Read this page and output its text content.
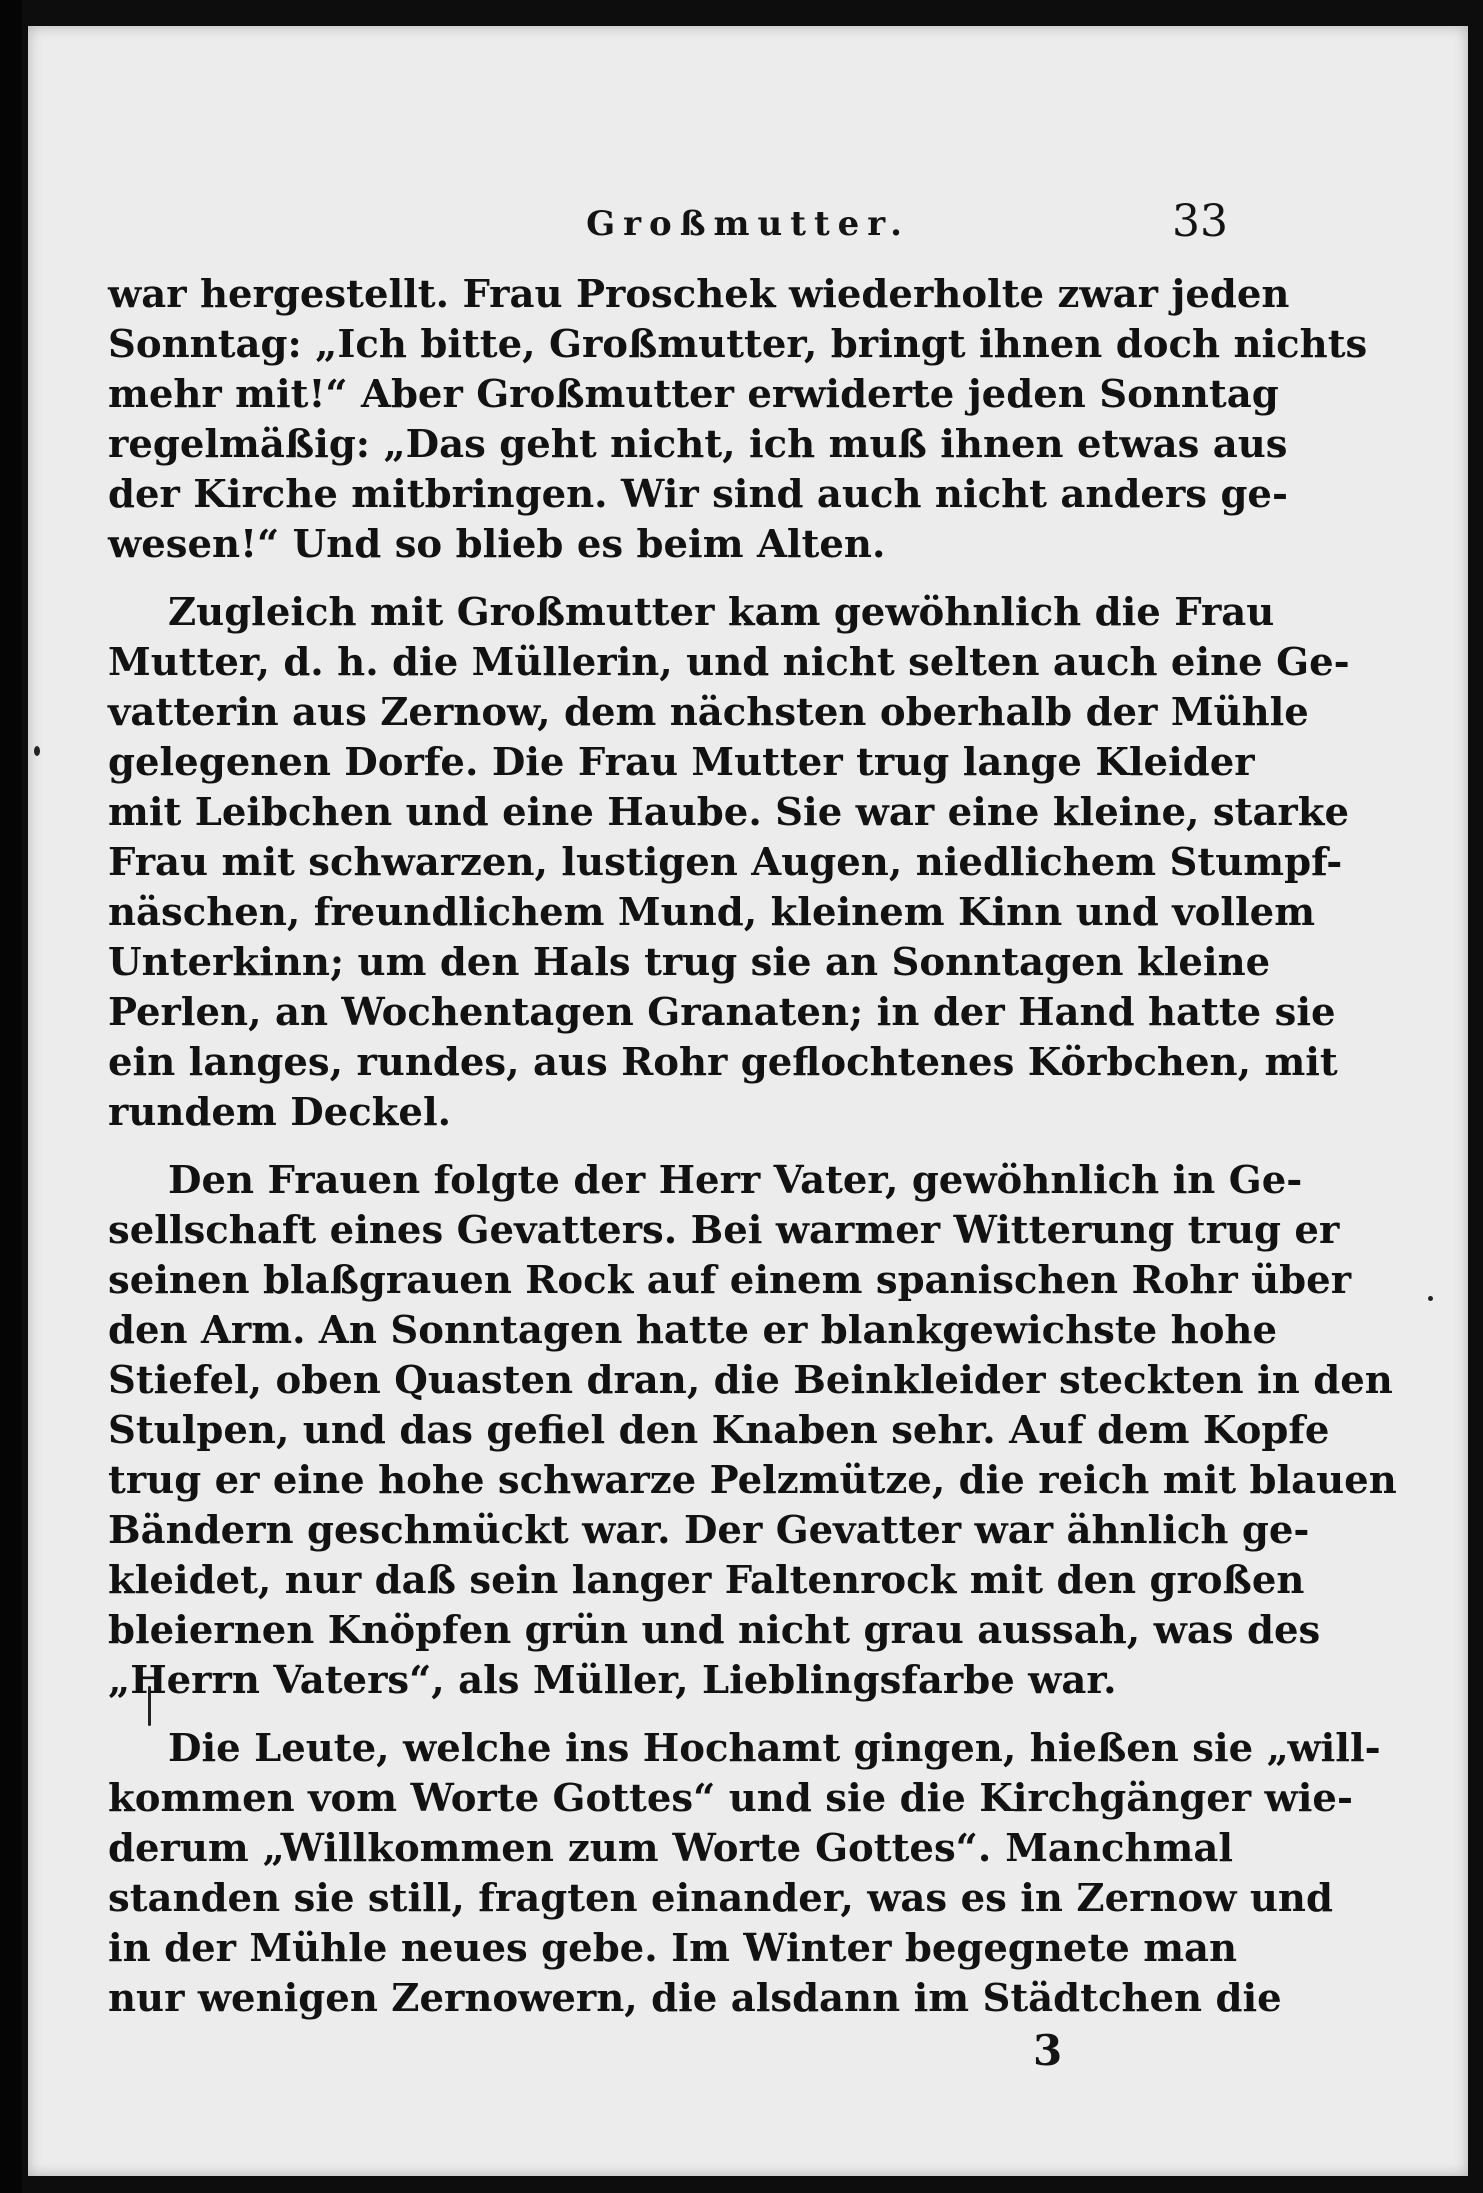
Großmutter.	33

war hergestellt. Frau Proschek wiederholte zwar jeden
Sonntag: „Ich bitte, Großmutter, bringt ihnen doch nichts
mehr mit!“ Aber Großmutter erwiderte jeden Sonntag
regelmäßig: „Das geht nicht, ich muß ihnen etwas aus
der Kirche mitbringen. Wir sind auch nicht anders ge-
wesen!“ Und so blieb es beim Alten.

Zugleich mit Großmutter kam gewöhnlich die Frau
Mutter, d. h. die Müllerin, und nicht selten auch eine Ge-
vatterin aus Zernow, dem nächsten oberhalb der Mühle
gelegenen Dorfe. Die Frau Mutter trug lange Kleider
mit Leibchen und eine Haube. Sie war eine kleine, starke
Frau mit schwarzen, lustigen Augen, niedlichem Stumpf-
näschen, freundlichem Mund, kleinem Kinn und vollem
Unterkinn; um den Hals trug sie an Sonntagen kleine
Perlen, an Wochentagen Granaten; in der Hand hatte sie
ein langes, rundes, aus Rohr geflochtenes Körbchen, mit
rundem Deckel.

Den Frauen folgte der Herr Vater, gewöhnlich in Ge-
sellschaft eines Gevatters. Bei warmer Witterung trug er
seinen blaßgrauen Rock auf einem spanischen Rohr über
den Arm. An Sonntagen hatte er blankgewichste hohe
Stiefel, oben Quasten dran, die Beinkleider steckten in den
Stulpen, und das gefiel den Knaben sehr. Auf dem Kopfe
trug er eine hohe schwarze Pelzmütze, die reich mit blauen
Bändern geschmückt war. Der Gevatter war ähnlich ge-
kleidet, nur daß sein langer Faltenrock mit den großen
bleiernen Knöpfen grün und nicht grau aussah, was des
„Herrn Vaters“, als Müller, Lieblingsfarbe war.

Die Leute, welche ins Hochamt gingen, hießen sie „will-
kommen vom Worte Gottes“ und sie die Kirchgänger wie-
derum „Willkommen zum Worte Gottes“. Manchmal
standen sie still, fragten einander, was es in Zernow und
in der Mühle neues gebe. Im Winter begegnete man
nur wenigen Zernowern, die alsdann im Städtchen die

3
